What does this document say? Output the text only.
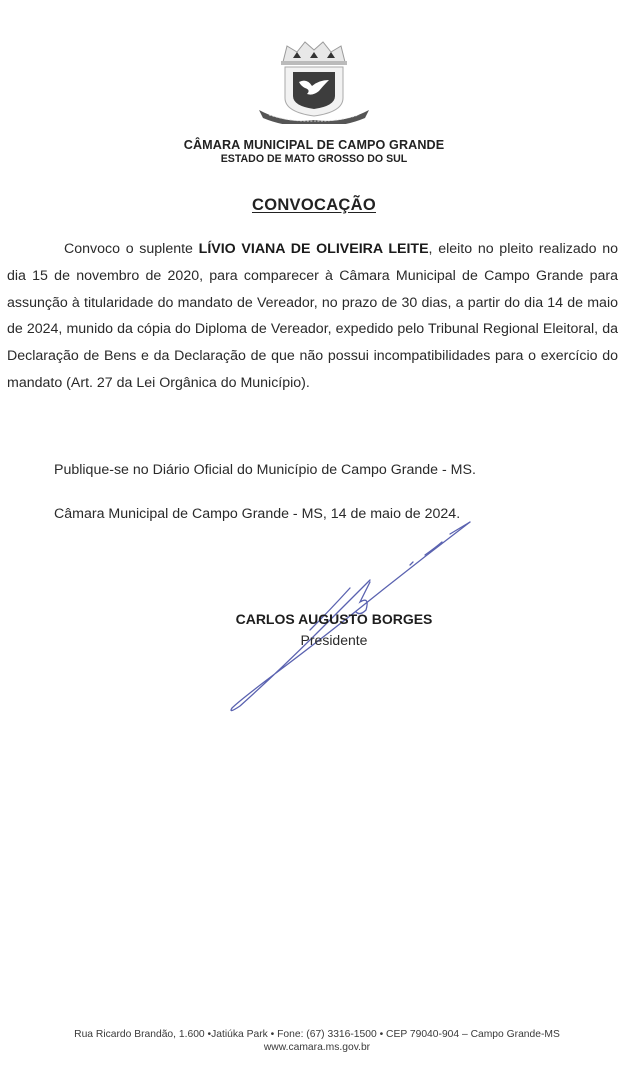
CÂMARA MUNICIPAL DE CAMPO GRANDE
ESTADO DE MATO GROSSO DO SUL
CONVOCAÇÃO

Convoco o suplente LÍVIO VIANA DE OLIVEIRA LEITE, eleito no pleito realizado no dia 15 de novembro de 2020, para comparecer à Câmara Municipal de Campo Grande para assunção à titularidade do mandato de Vereador, no prazo de 30 dias, a partir do dia 14 de maio de 2024, munido da cópia do Diploma de Vereador, expedido pelo Tribunal Regional Eleitoral, da Declaração de Bens e da Declaração de que não possui incompatibilidades para o exercício do mandato (Art. 27 da Lei Orgânica do Município).

Publique-se no Diário Oficial do Município de Campo Grande - MS.
Câmara Municipal de Campo Grande - MS, 14 de maio de 2024.
CARLOS AUGUSTO BORGES
Presidente
Rua Ricardo Brandão, 1.600 •Jatiúka Park • Fone: (67) 3316-1500 • CEP 79040-904 – Campo Grande-MS
www.camara.ms.gov.br
